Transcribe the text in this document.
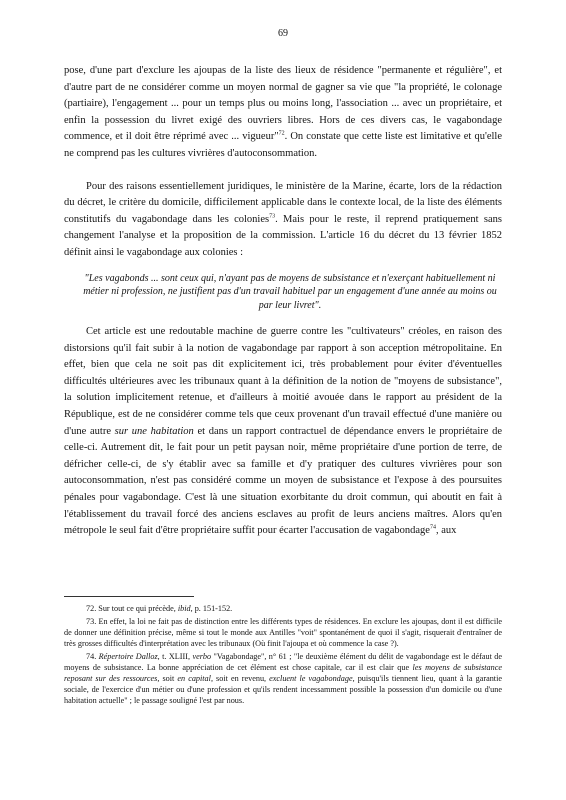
69

pose, d'une part d'exclure les ajoupas de la liste des lieux de résidence "permanente et régulière", et d'autre part de ne considérer comme un moyen normal de gagner sa vie que "la propriété, le colonage (partiaire), l'engagement ... pour un temps plus ou moins long, l'association ... avec un propriétaire, et enfin la possession du livret exigé des ouvriers libres. Hors de ces divers cas, le vagabondage commence, et il doit être réprimé avec ... vigueur"$^{72}$. On constate que cette liste est limitative et qu'elle ne comprend pas les cultures vivrières d'autoconsommation.

Pour des raisons essentiellement juridiques, le ministère de la Marine, écarte, lors de la rédaction du décret, le critère du domicile, difficilement applicable dans le contexte local, de la liste des éléments constitutifs du vagabondage dans les colonies$^{73}$. Mais pour le reste, il reprend pratiquement sans changement l'analyse et la proposition de la commission. L'article 16 du décret du 13 février 1852 définit ainsi le vagabondage aux colonies :

"Les vagabonds ... sont ceux qui, n'ayant pas de moyens de subsistance et n'exerçant habituellement ni métier ni profession, ne justifient pas d'un travail habituel par un engagement d'une année au moins ou par leur livret".

Cet article est une redoutable machine de guerre contre les "cultivateurs" créoles, en raison des distorsions qu'il fait subir à la notion de vagabondage par rapport à son acception métropolitaine. En effet, bien que cela ne soit pas dit explicitement ici, très probablement pour éviter d'éventuelles difficultés ultérieures avec les tribunaux quant à la définition de la notion de "moyens de subsistance", la solution implicitement retenue, et d'ailleurs à moitié avouée dans le rapport au président de la République, est de ne considérer comme tels que ceux provenant d'un travail effectué d'une manière ou d'une autre sur une habitation et dans un rapport contractuel de dépendance envers le propriétaire de celle-ci. Autrement dit, le fait pour un petit paysan noir, même propriétaire d'une portion de terre, de défricher celle-ci, de s'y établir avec sa famille et d'y pratiquer des cultures vivrières pour son autoconsommation, n'est pas considéré comme un moyen de subsistance et l'expose à des poursuites pénales pour vagabondage. C'est là une situation exorbitante du droit commun, qui aboutit en fait à l'établissement du travail forcé des anciens esclaves au profit de leurs anciens maîtres. Alors qu'en métropole le seul fait d'être propriétaire suffit pour écarter l'accusation de vagabondage$^{74}$, aux

72. Sur tout ce qui précède, ibid, p. 151-152.

73. En effet, la loi ne fait pas de distinction entre les différents types de résidences. En exclure les ajoupas, dont il est difficile de donner une définition précise, même si tout le monde aux Antilles "voit" spontanément de quoi il s'agit, risquerait d'entraîner de très grosses difficultés d'interprétation avec les tribunaux (Où finit l'ajoupa et où commence la case ?).

74. Répertoire Dalloz, t. XLIII, verbo "Vagabondage", n° 61 ; "le deuxième élément du délit de vagabondage est le défaut de moyens de subsistance. La bonne appréciation de cet élément est chose capitale, car il est clair que les moyens de subsistance reposant sur des ressources, soit en capital, soit en revenu, excluent le vagabondage, puisqu'ils tiennent lieu, quant à la garantie sociale, de l'exercice d'un métier ou d'une profession et qu'ils rendent incessamment possible la possession d'un domicile ou d'une habitation actuelle" ; le passage souligné l'est par nous.
